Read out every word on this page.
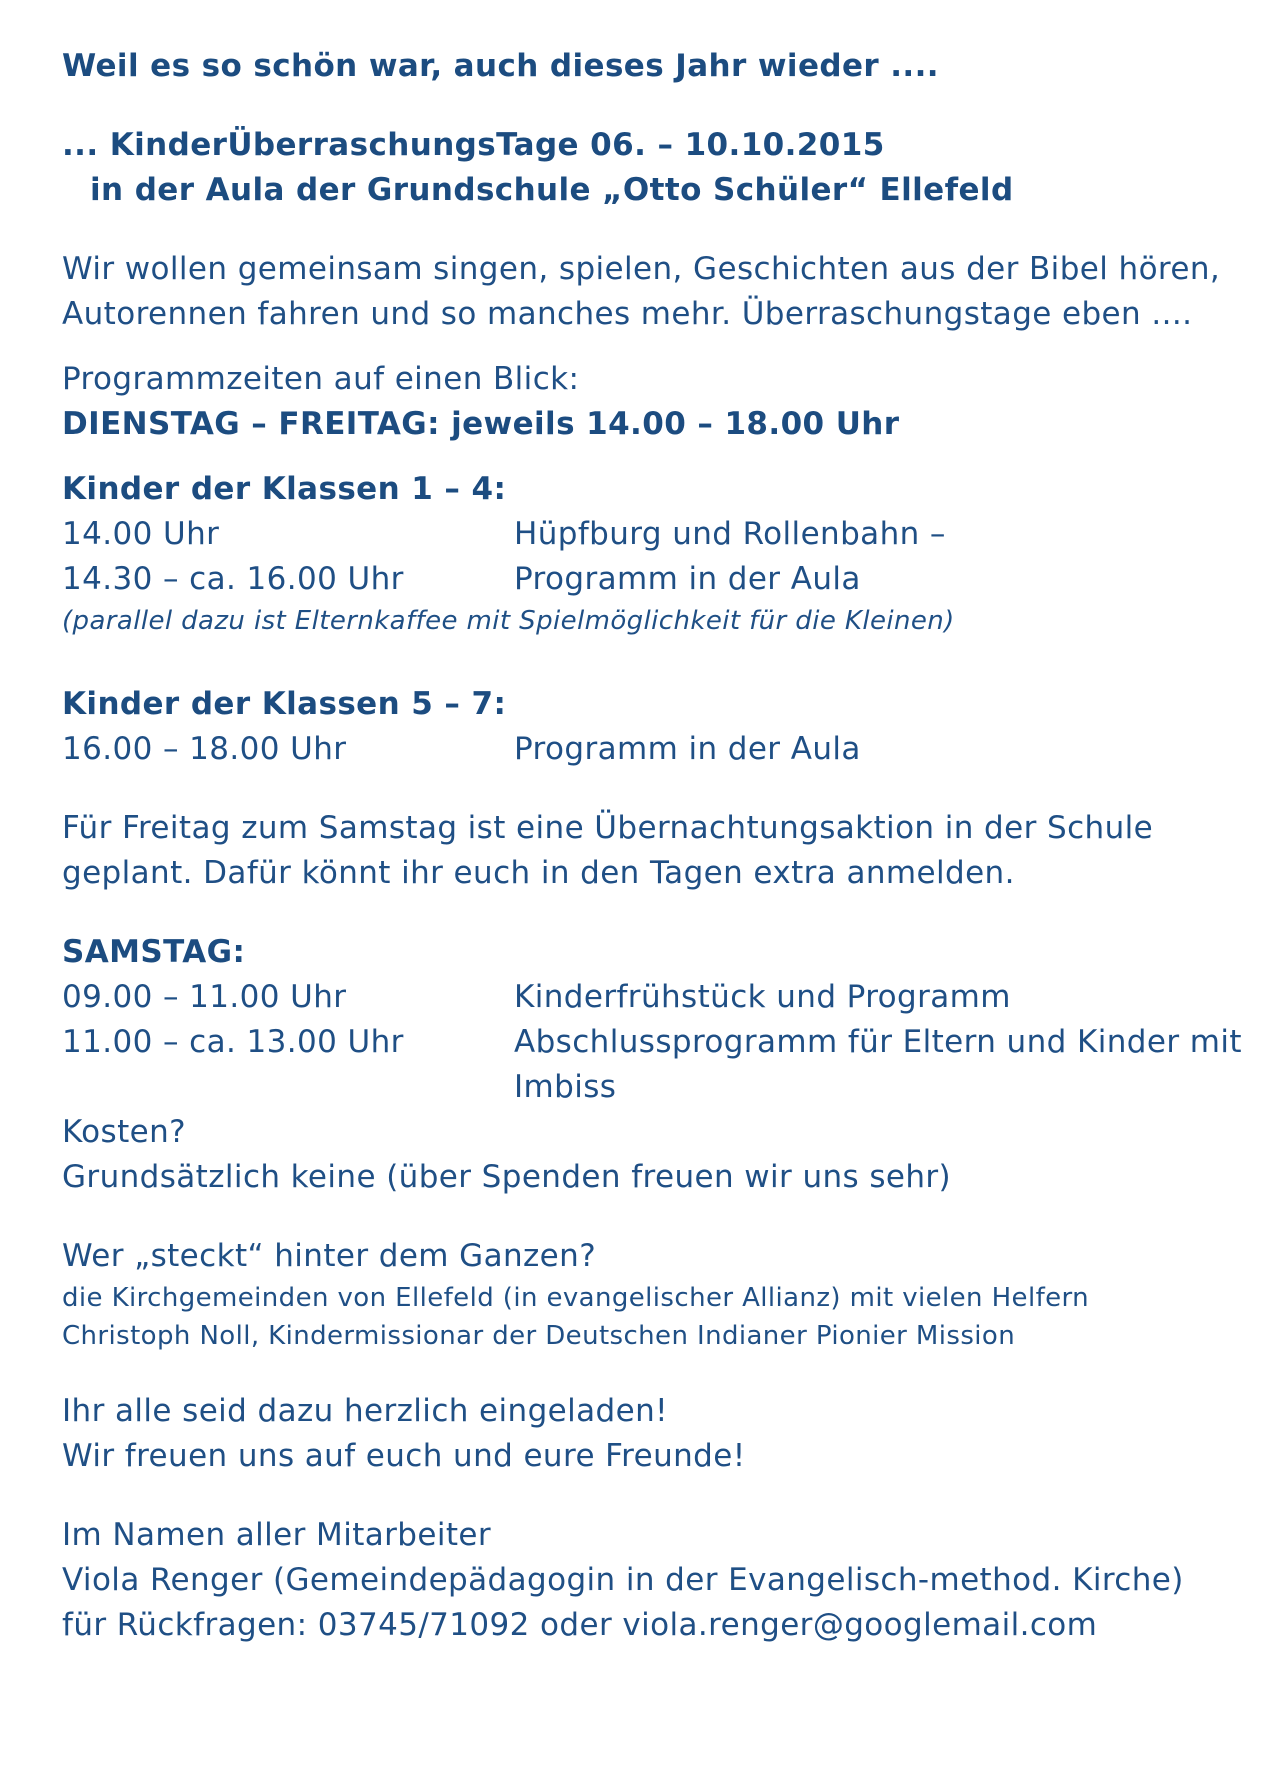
Weil es so schön war, auch dieses Jahr wieder ....
... KinderÜberraschungsTage 06. – 10.10.2015
in der Aula der Grundschule „Otto Schüler“ Ellefeld
Wir wollen gemeinsam singen, spielen, Geschichten aus der Bibel hören,
Autorennen fahren und so manches mehr. Überraschungstage eben ....
Programmzeiten auf einen Blick:
DIENSTAG – FREITAG: jeweils 14.00 – 18.00 Uhr
Kinder der Klassen 1 – 4:
14.00 Uhr	Hüpfburg und Rollenbahn –
14.30 – ca. 16.00 Uhr	Programm in der Aula
(parallel dazu ist Elternkaffee mit Spielmöglichkeit für die Kleinen)
Kinder der Klassen 5 – 7:
16.00 – 18.00 Uhr	Programm in der Aula
Für Freitag zum Samstag ist eine Übernachtungsaktion in der Schule
geplant. Dafür könnt ihr euch in den Tagen extra anmelden.
SAMSTAG:
09.00 – 11.00 Uhr	Kinderfrühstück und Programm
11.00 – ca. 13.00 Uhr	Abschlussprogramm für Eltern und Kinder mit Imbiss
Kosten?
Grundsätzlich keine (über Spenden freuen wir uns sehr)
Wer „steckt“ hinter dem Ganzen?
die Kirchgemeinden von Ellefeld (in evangelischer Allianz) mit vielen Helfern
Christoph Noll, Kindermissionar der Deutschen Indianer Pionier Mission
Ihr alle seid dazu herzlich eingeladen!
Wir freuen uns auf euch und eure Freunde!
Im Namen aller Mitarbeiter
Viola Renger (Gemeindepädagogin in der Evangelisch-method. Kirche)
für Rückfragen: 03745/71092 oder viola.renger@googlemail.com
